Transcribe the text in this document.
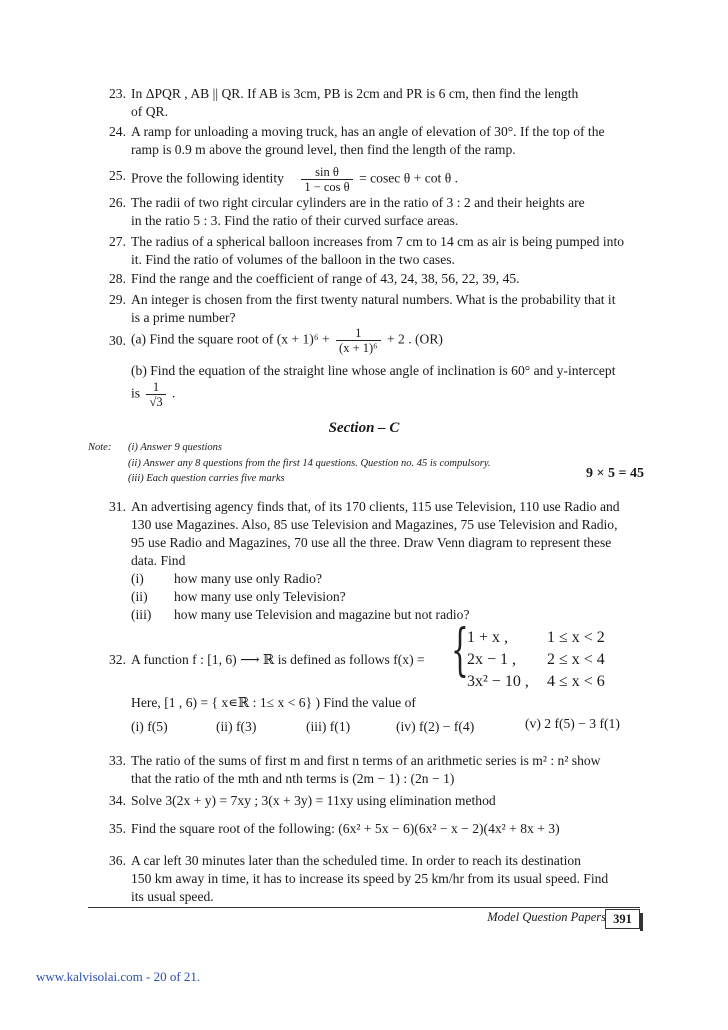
23. In ΔPQR , AB || QR. If AB is 3cm, PB is 2cm and PR is 6 cm, then find the length
of QR.
24. A ramp for unloading a moving truck, has an angle of elevation of 30°. If the top of the
ramp is 0.9 m above the ground level, then find the length of the ramp.
25. Prove the following identity $\frac{\text{sin θ}}{\text{1 − cos θ}} = cosec$ θ + cot θ .
26. The radii of two right circular cylinders are in the ratio of 3 : 2 and their heights are
in the ratio 5 : 3. Find the ratio of their curved surface areas.
27. The radius of a spherical balloon increases from 7 cm to 14 cm as air is being pumped into
it. Find the ratio of volumes of the balloon in the two cases.
28. Find the range and the coefficient of range of 43, 24, 38, 56, 22, 39, 45.
29. An integer is chosen from the first twenty natural numbers. What is the probability that it
is a prime number?
30. (a) Find the square root of $(x + 1)^6 + \frac{1}{\text{(x + 1)⁶}} + 2$ . (OR)
(b) Find the equation of the straight line whose angle of inclination is 60° and y-intercept
is $\frac{1}{√3}$ .
Section – C
Note: (i) Answer 9 questions
(ii) Answer any 8 questions from the first 14 questions. Question no. 45 is compulsory.
(iii) Each question carries five marks	9 × 5 = 45
31. An advertising agency finds that, of its 170 clients, 115 use Television, 110 use Radio and
130 use Magazines. Also, 85 use Television and Magazines, 75 use Television and Radio,
95 use Radio and Magazines, 70 use all the three. Draw Venn diagram to represent these
data. Find
(i) how many use only Radio?
(ii) how many use only Television?
(iii) how many use Television and magazine but not radio?
32. A function f : [1, 6) ⟶ ℝ is defined as follows f(x) = {
1 + x , 1 ≤ x < 2
2x − 1 , 2 ≤ x < 4
3x² − 10 , 4 ≤ x < 6
Here, [1 , 6) = { x∊ℝ : 1≤ x < 6} ) Find the value of
(i) f(5)	(ii) f(3)	(iii) f(1)	(iv) f(2) − f(4)	(v) 2 f(5) − 3 f(1)
33. The ratio of the sums of first m and first n terms of an arithmetic series is m² : n² show
that the ratio of the mth and nth terms is (2m − 1) : (2n − 1)
34. Solve 3(2x + y) = 7xy ; 3(x + 3y) = 11xy using elimination method
35. Find the square root of the following: (6x² + 5x − 6)(6x² − x − 2)(4x² + 8x + 3)
36. A car left 30 minutes later than the scheduled time. In order to reach its destination
150 km away in time, it has to increase its speed by 25 km/hr from its usual speed. Find
its usual speed.
Model Question Papers 391
www.kalvisolai.com - 20 of 21.
